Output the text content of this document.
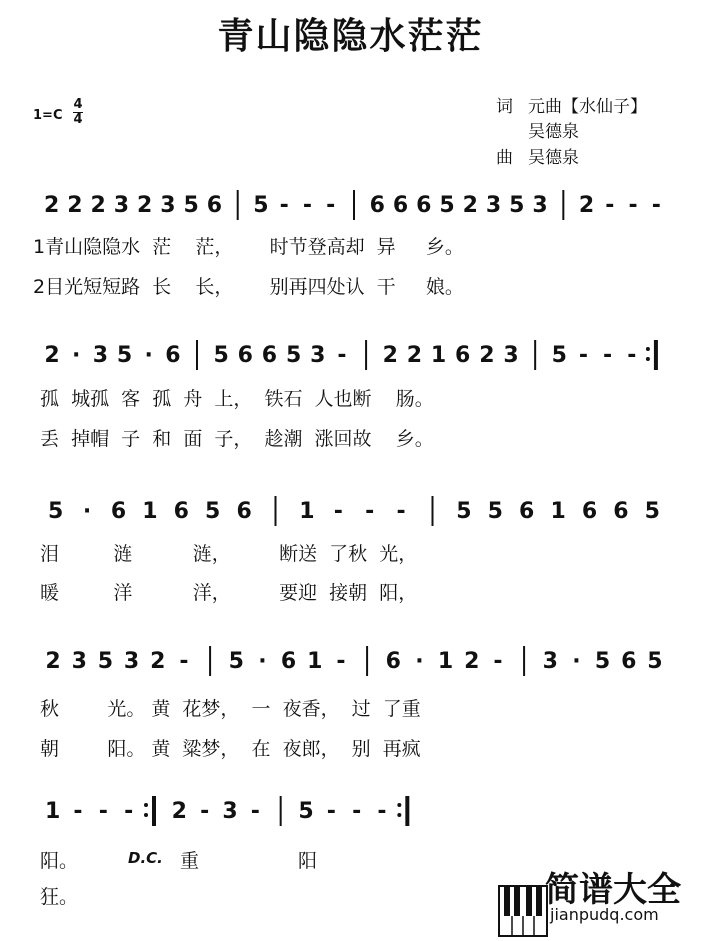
青山隐隐水茫茫
1=C
4
4
词 元曲【水仙子】
吴德泉
曲 吴德泉
2 2 2 3 2 3 5 6 5 - - - 6 6 6 5 2 3 5 3 2 - - -
2 · 3 5 · 6 5 6 6 5 3 - 2 2 1 6 2 3 5 - - -
5 · 6 1 6 5 6 1 - - - 5 5 6 1 6 6 5
2 3 5 3 2 - 5 · 6 1 - 6 · 1 2 - 3 · 5 6 5
1 - - - 2 - 3 - 5 - - -
1青山隐隐水  茫    茫，      时节登高却  异     乡。
2目光短短路  长    长，      别再四处认  干     娘。
孤  城孤  客  孤  舟  上，  铁石  人也断    肠。
丢  掉帽  子  和  面  子，  趁潮  涨回故    乡。
泪         涟          涟，        断送  了秋  光，
暖         洋          洋，        要迎  接朝  阳，
秋        光。 黄  花梦，  一  夜香，  过  了重
朝        阳。 黄  粱梦，  在  夜郎，  别  再疯
阳。
狂。
D.C. 重	阳

简谱大全
jianpudq.com
